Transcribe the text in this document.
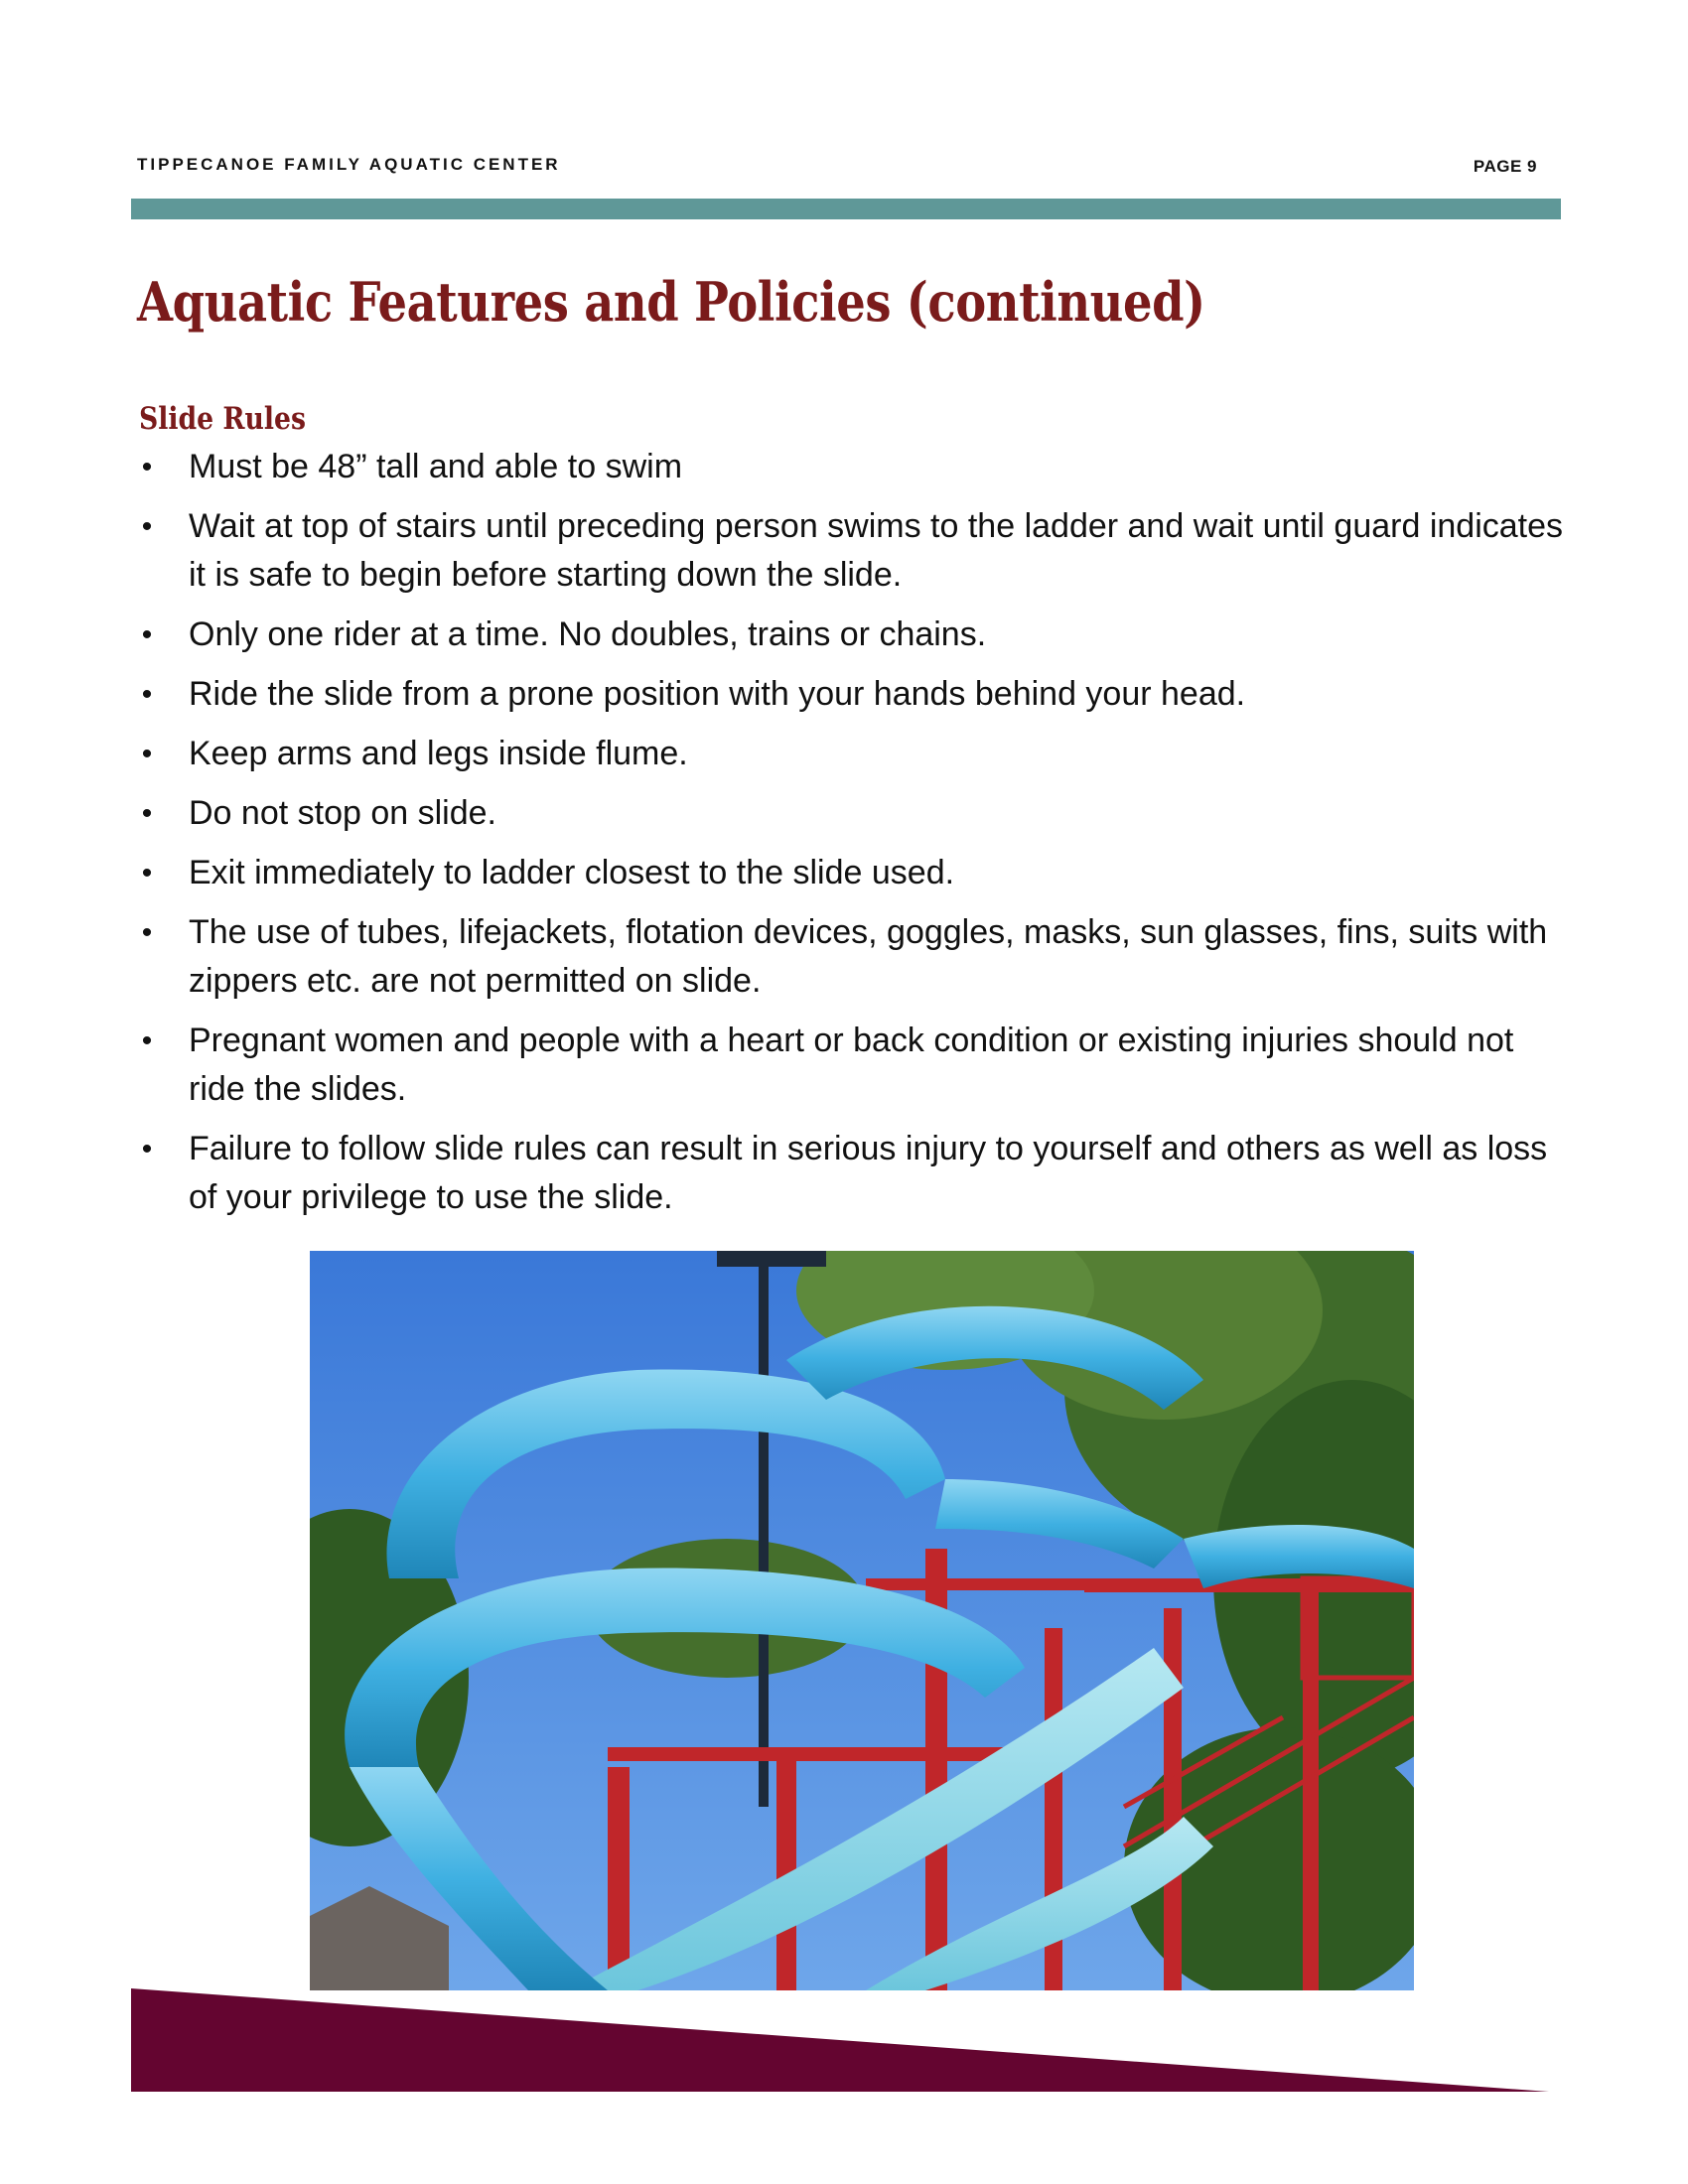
TIPPECANOE FAMILY AQUATIC CENTER	PAGE 9
Aquatic Features and Policies (continued)
Slide Rules
• Must be 48” tall and able to swim
• Wait at top of stairs until preceding person swims to the ladder and wait until guard indicates it is safe to begin before starting down the slide.
• Only one rider at a time. No doubles, trains or chains.
• Ride the slide from a prone position with your hands behind your head.
• Keep arms and legs inside flume.
• Do not stop on slide.
• Exit immediately to ladder closest to the slide used.
• The use of tubes, lifejackets, flotation devices, goggles, masks, sun glasses, fins, suits with zippers etc. are not permitted on slide.
• Pregnant women and people with a heart or back condition or existing injuries should not ride the slides.
• Failure to follow slide rules can result in serious injury to yourself and others as well as loss of your privilege to use the slide.
